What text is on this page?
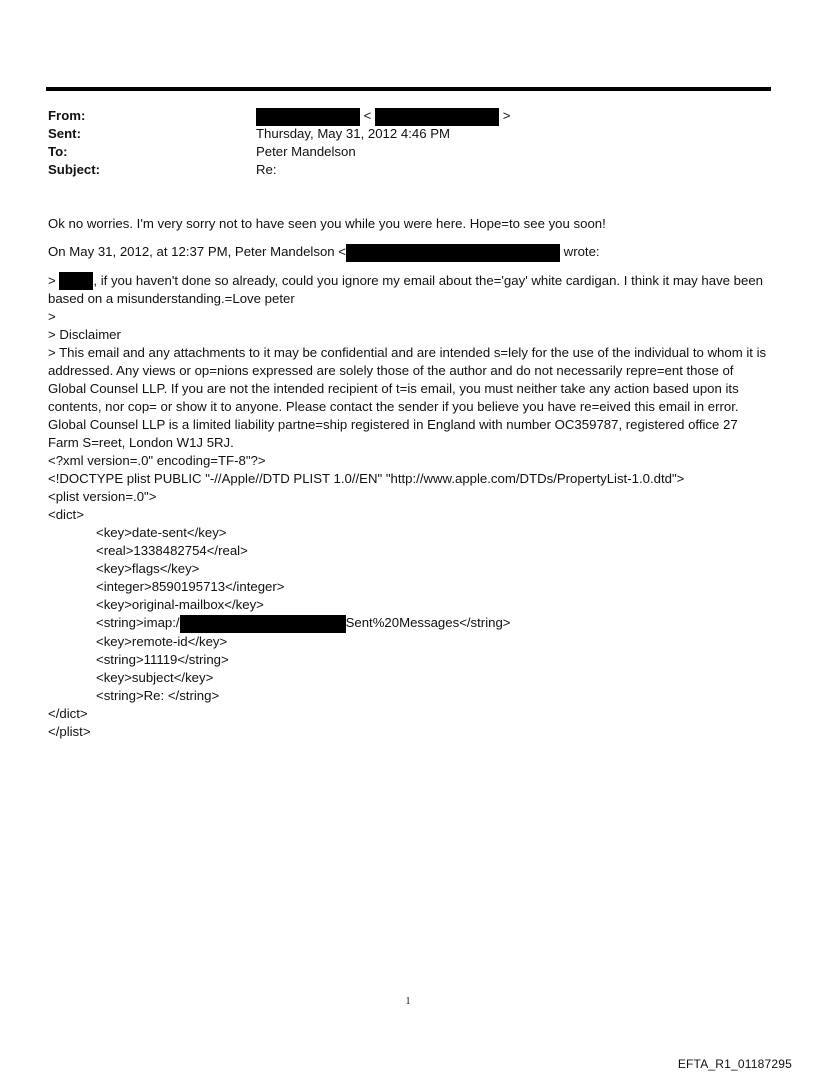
From:	<	>
Sent:	Thursday, May 31, 2012 4:46 PM
To:	Peter Mandelson
Subject:	Re:

Ok no worries. I'm very sorry not to have seen you while you were here. Hope=to see you soon!

On May 31, 2012, at 12:37 PM, Peter Mandelson <	wrote:

>	, if you haven't done so already, could you ignore my email about the='gay' white cardigan. I think it may have been based on a misunderstanding.=Love peter

>

> Disclaimer

> This email and any attachments to it may be confidential and are intended s=lely for the use of the individual to whom it is addressed. Any views or op=nions expressed are solely those of the author and do not necessarily repre=ent those of Global Counsel LLP. If you are not the intended recipient of t=is email, you must neither take any action based upon its contents, nor cop= or show it to anyone. Please contact the sender if you believe you have re=eived this email in error. Global Counsel LLP is a limited liability partne=ship registered in England with number OC359787, registered office 27 Farm S=reet, London W1J 5RJ.

<?xml version=.0" encoding=TF-8"?>

<!DOCTYPE plist PUBLIC "-//Apple//DTD PLIST 1.0//EN" "http://www.apple.com/DTDs/PropertyList-1.0.dtd">

<plist version=.0">

<dict>

<key>date-sent</key>

<real>1338482754</real>

<key>flags</key>

<integer>8590195713</integer>

<key>original-mailbox</key>

<string>imap:/	Sent%20Messages</string>

<key>remote-id</key>

<string>11119</string>

<key>subject</key>

<string>Re: </string>

</dict>

</plist>

1
EFTA_R1_01187295
